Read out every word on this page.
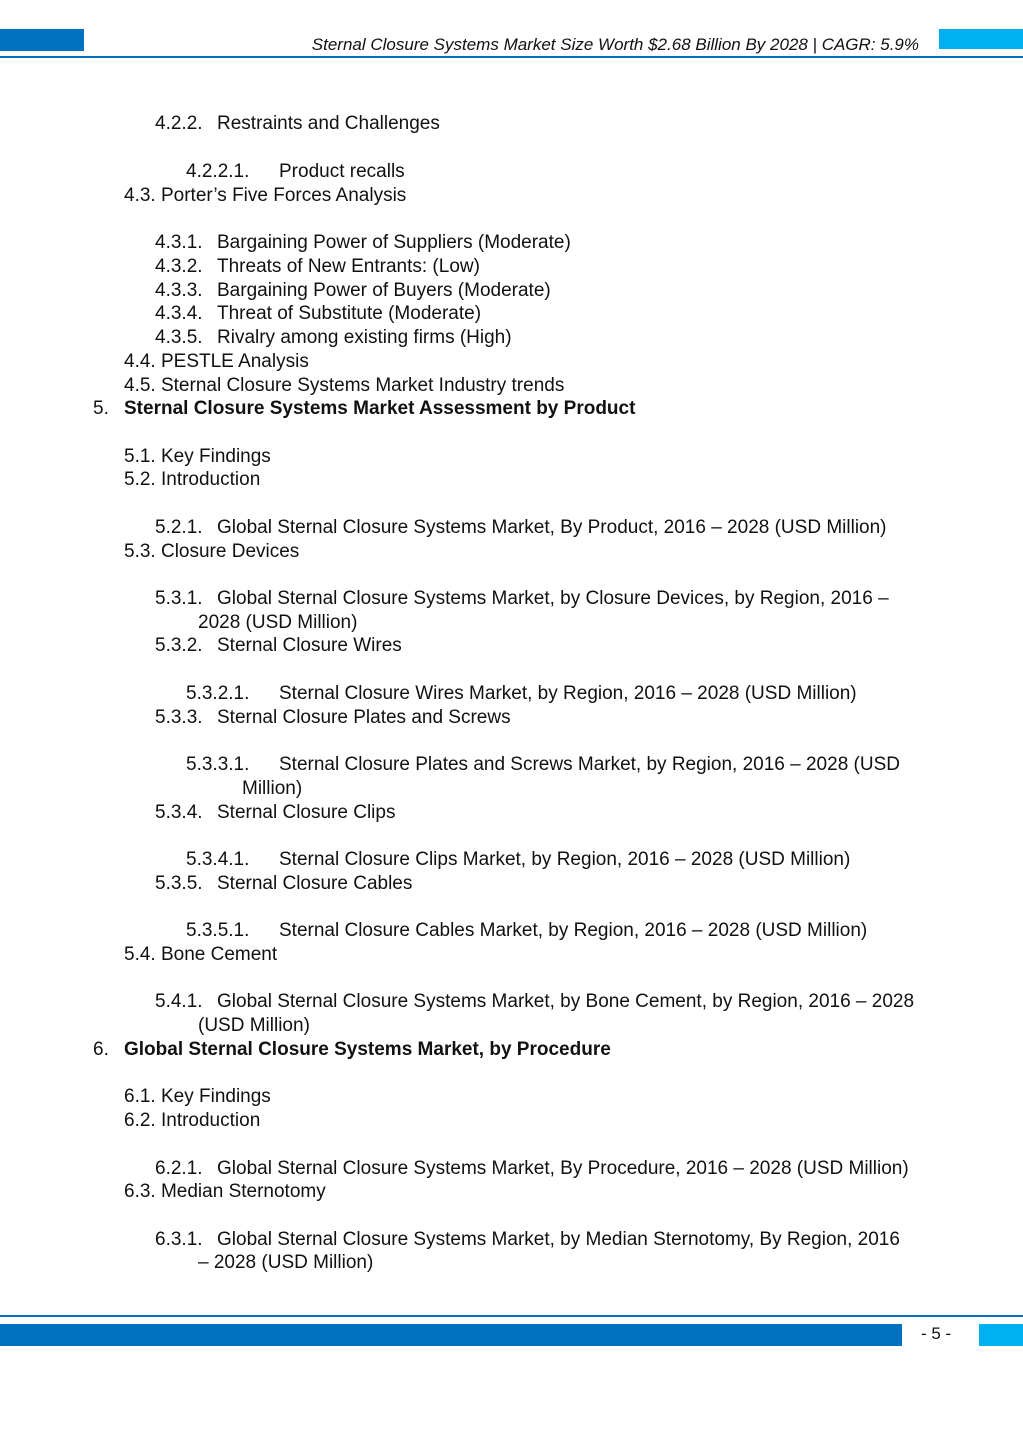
Sternal Closure Systems Market Size Worth $2.68 Billion By 2028 | CAGR: 5.9%
4.2.2. Restraints and Challenges
4.2.2.1. Product recalls
4.3. Porter’s Five Forces Analysis
4.3.1. Bargaining Power of Suppliers (Moderate)
4.3.2. Threats of New Entrants: (Low)
4.3.3. Bargaining Power of Buyers (Moderate)
4.3.4. Threat of Substitute (Moderate)
4.3.5. Rivalry among existing firms (High)
4.4. PESTLE Analysis
4.5. Sternal Closure Systems Market Industry trends
5. Sternal Closure Systems Market Assessment by Product
5.1. Key Findings
5.2. Introduction
5.2.1. Global Sternal Closure Systems Market, By Product, 2016 – 2028 (USD Million)
5.3. Closure Devices
5.3.1. Global Sternal Closure Systems Market, by Closure Devices, by Region, 2016 –
2028 (USD Million)
5.3.2. Sternal Closure Wires
5.3.2.1. Sternal Closure Wires Market, by Region, 2016 – 2028 (USD Million)
5.3.3. Sternal Closure Plates and Screws
5.3.3.1. Sternal Closure Plates and Screws Market, by Region, 2016 – 2028 (USD
Million)
5.3.4. Sternal Closure Clips
5.3.4.1. Sternal Closure Clips Market, by Region, 2016 – 2028 (USD Million)
5.3.5. Sternal Closure Cables
5.3.5.1. Sternal Closure Cables Market, by Region, 2016 – 2028 (USD Million)
5.4. Bone Cement
5.4.1. Global Sternal Closure Systems Market, by Bone Cement, by Region, 2016 – 2028
(USD Million)
6. Global Sternal Closure Systems Market, by Procedure
6.1. Key Findings
6.2. Introduction
6.2.1. Global Sternal Closure Systems Market, By Procedure, 2016 – 2028 (USD Million)
6.3. Median Sternotomy
6.3.1. Global Sternal Closure Systems Market, by Median Sternotomy, By Region, 2016
– 2028 (USD Million)
- 5 -
